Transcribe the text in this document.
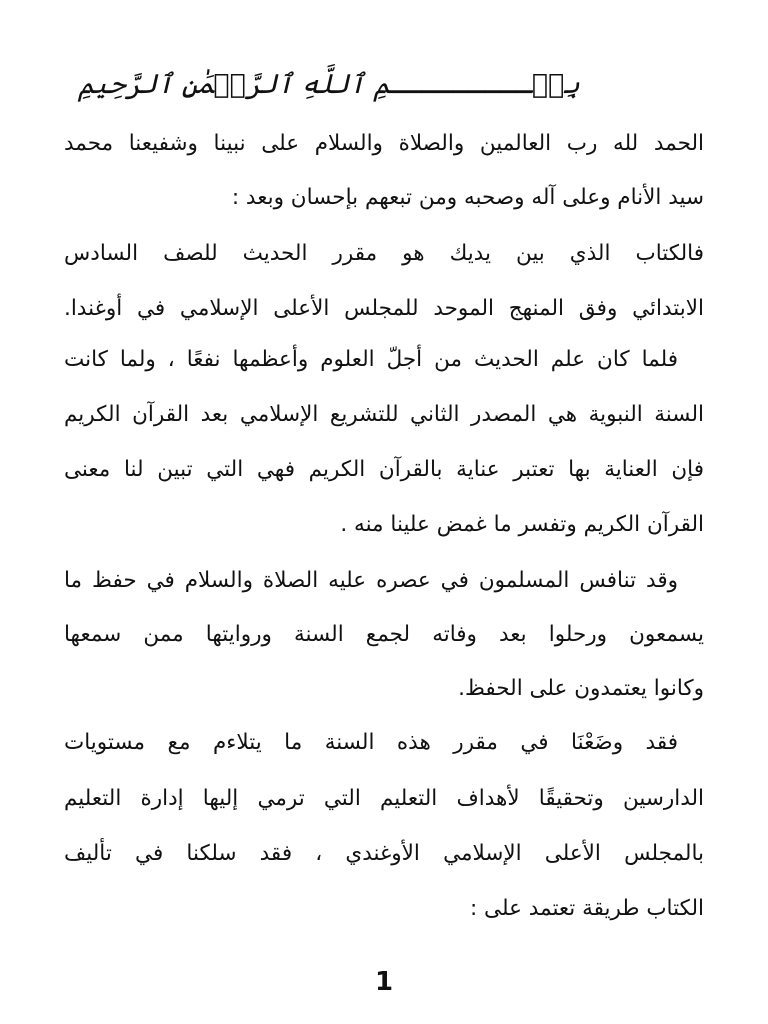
بِسۡـــــــــمِ ٱللَّهِ ٱلرَّحۡمَٰنِ ٱلرَّحِيمِ
الحمد لله رب العالمين والصلاة والسلام على نبينا وشفيعنا محمد
سيد الأنام وعلى آله وصحبه ومن تبعهم بإحسان وبعد :
فالكتاب الذي بين يديك هو مقرر الحديث للصف السادس
الابتدائي وفق المنهج الموحد للمجلس الأعلى الإسلامي في أوغندا.
فلما كان علم الحديث من أجلّ العلوم وأعظمها نفعًا ، ولما كانت
السنة النبوية هي المصدر الثاني للتشريع الإسلامي بعد القرآن الكريم
فإن العناية بها تعتبر عناية بالقرآن الكريم فهي التي تبين لنا معنى
القرآن الكريم وتفسر ما غمض علينا منه .
وقد تنافس المسلمون في عصره عليه الصلاة والسلام في حفظ ما
يسمعون ورحلوا بعد وفاته لجمع السنة وروايتها ممن سمعها
وكانوا يعتمدون على الحفظ.
فقد وضَعْنَا في مقرر هذه السنة ما يتلاءم مع مستويات
الدارسين وتحقيقًا لأهداف التعليم التي ترمي إليها إدارة التعليم
بالمجلس الأعلى الإسلامي الأوغندي ، فقد سلكنا في تأليف
الكتاب طريقة تعتمد على :
1
